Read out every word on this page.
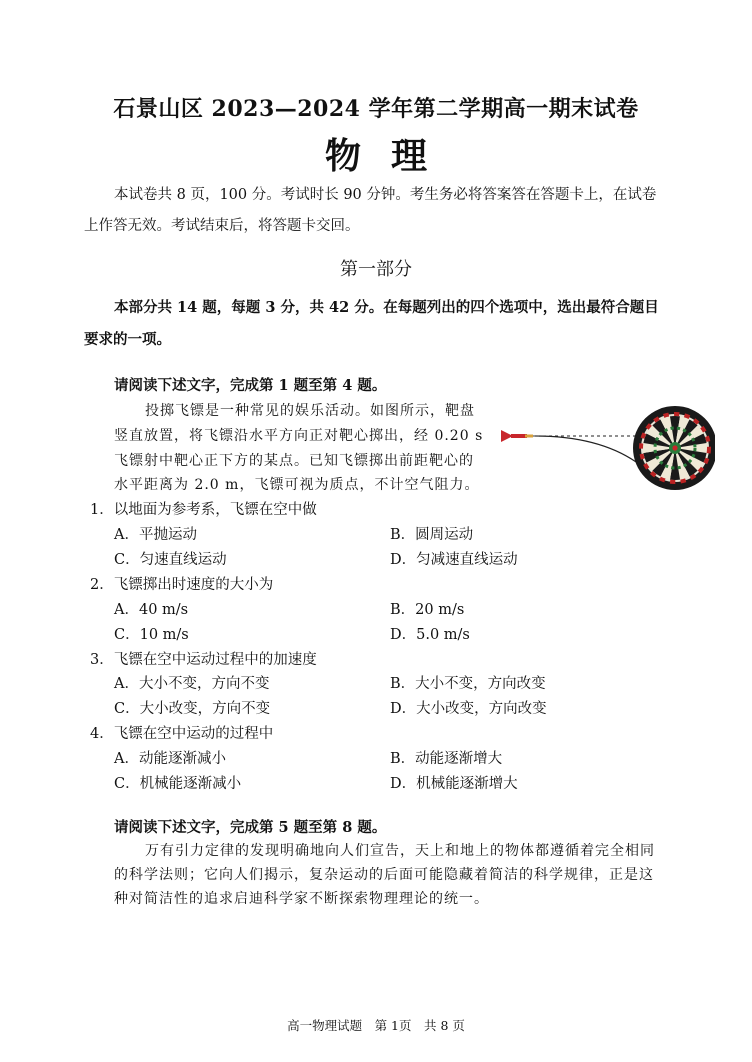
石景山区 2023—2024 学年第二学期高一期末试卷
物理
本试卷共 8 页，100 分。考试时长 90 分钟。考生务必将答案答在答题卡上，在试卷
上作答无效。考试结束后，将答题卡交回。
第一部分
本部分共 14 题，每题 3 分，共 42 分。在每题列出的四个选项中，选出最符合题目
要求的一项。
请阅读下述文字，完成第 1 题至第 4 题。
投掷飞镖是一种常见的娱乐活动。如图所示，靶盘
竖直放置，将飞镖沿水平方向正对靶心掷出，经 0.20 s
飞镖射中靶心正下方的某点。已知飞镖掷出前距靶心的
水平距离为 2.0 m，飞镖可视为质点，不计空气阻力。
1．以地面为参考系，飞镖在空中做
A．平抛运动	B．圆周运动
C．匀速直线运动	D．匀减速直线运动
2．飞镖掷出时速度的大小为
A．40 m/s	B．20 m/s
C．10 m/s	D．5.0 m/s
3．飞镖在空中运动过程中的加速度
A．大小不变，方向不变	B．大小不变，方向改变
C．大小改变，方向不变	D．大小改变，方向改变
4．飞镖在空中运动的过程中
A．动能逐渐减小	B．动能逐渐增大
C．机械能逐渐减小	D．机械能逐渐增大
请阅读下述文字，完成第 5 题至第 8 题。
万有引力定律的发现明确地向人们宣告，天上和地上的物体都遵循着完全相同
的科学法则；它向人们揭示，复杂运动的后面可能隐藏着简洁的科学规律，正是这
种对简洁性的追求启迪科学家不断探索物理理论的统一。
高一物理试题　第 1页　共 8 页
